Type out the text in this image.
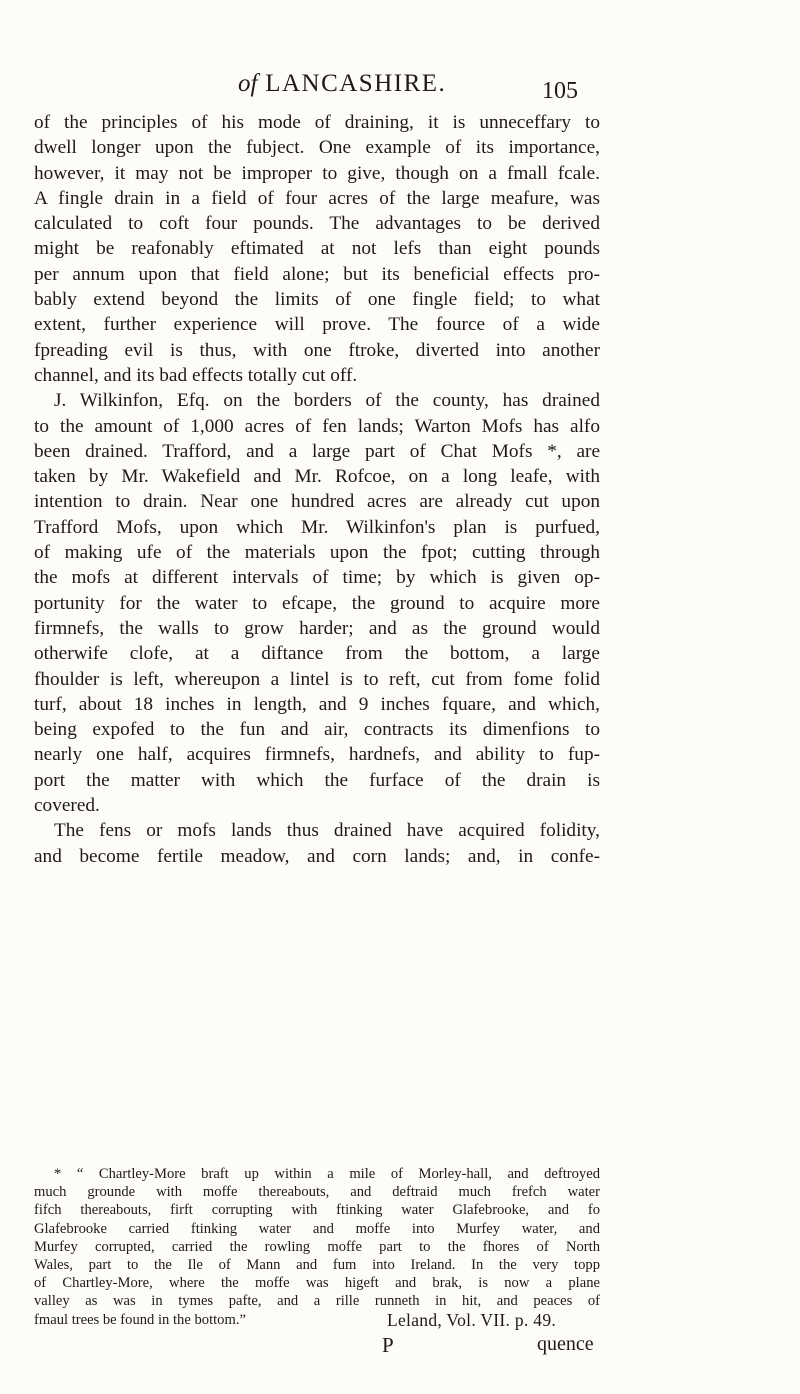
of LANCASHIRE.	105
of the principles of his mode of draining, it is unneceffary to
dwell longer upon the fubject. One example of its importance,
however, it may not be improper to give, though on a fmall fcale.
A fingle drain in a field of four acres of the large meafure, was
calculated to coft four pounds. The advantages to be derived
might be reafonably eftimated at not lefs than eight pounds
per annum upon that field alone; but its beneficial effects pro-
bably extend beyond the limits of one fingle field; to what
extent, further experience will prove. The fource of a wide
fpreading evil is thus, with one ftroke, diverted into another
channel, and its bad effects totally cut off.
J. Wilkinfon, Efq. on the borders of the county, has drained
to the amount of 1,000 acres of fen lands; Warton Mofs has alfo
been drained. Trafford, and a large part of Chat Mofs *, are
taken by Mr. Wakefield and Mr. Rofcoe, on a long leafe, with
intention to drain. Near one hundred acres are already cut upon
Trafford Mofs, upon which Mr. Wilkinfon's plan is purfued,
of making ufe of the materials upon the fpot; cutting through
the mofs at different intervals of time; by which is given op-
portunity for the water to efcape, the ground to acquire more
firmnefs, the walls to grow harder; and as the ground would
otherwife clofe, at a diftance from the bottom, a large
fhoulder is left, whereupon a lintel is to reft, cut from fome folid
turf, about 18 inches in length, and 9 inches fquare, and which,
being expofed to the fun and air, contracts its dimenfions to
nearly one half, acquires firmnefs, hardnefs, and ability to fup-
port the matter with which the furface of the drain is
covered.
The fens or mofs lands thus drained have acquired folidity,
and become fertile meadow, and corn lands; and, in confe-
* “ Chartley-More braft up within a mile of Morley-hall, and deftroyed
much grounde with moffe thereabouts, and deftraid much frefch water
fifch thereabouts, firft corrupting with ftinking water Glafebrooke, and fo
Glafebrooke carried ftinking water and moffe into Murfey water, and
Murfey corrupted, carried the rowling moffe part to the fhores of North
Wales, part to the Ile of Mann and fum into Ireland. In the very topp
of Chartley-More, where the moffe was higeft and brak, is now a plane
valley as was in tymes pafte, and a rille runneth in hit, and peaces of
fmaul trees be found in the bottom.”	Leland, Vol. VII. p. 49.
P	quence
